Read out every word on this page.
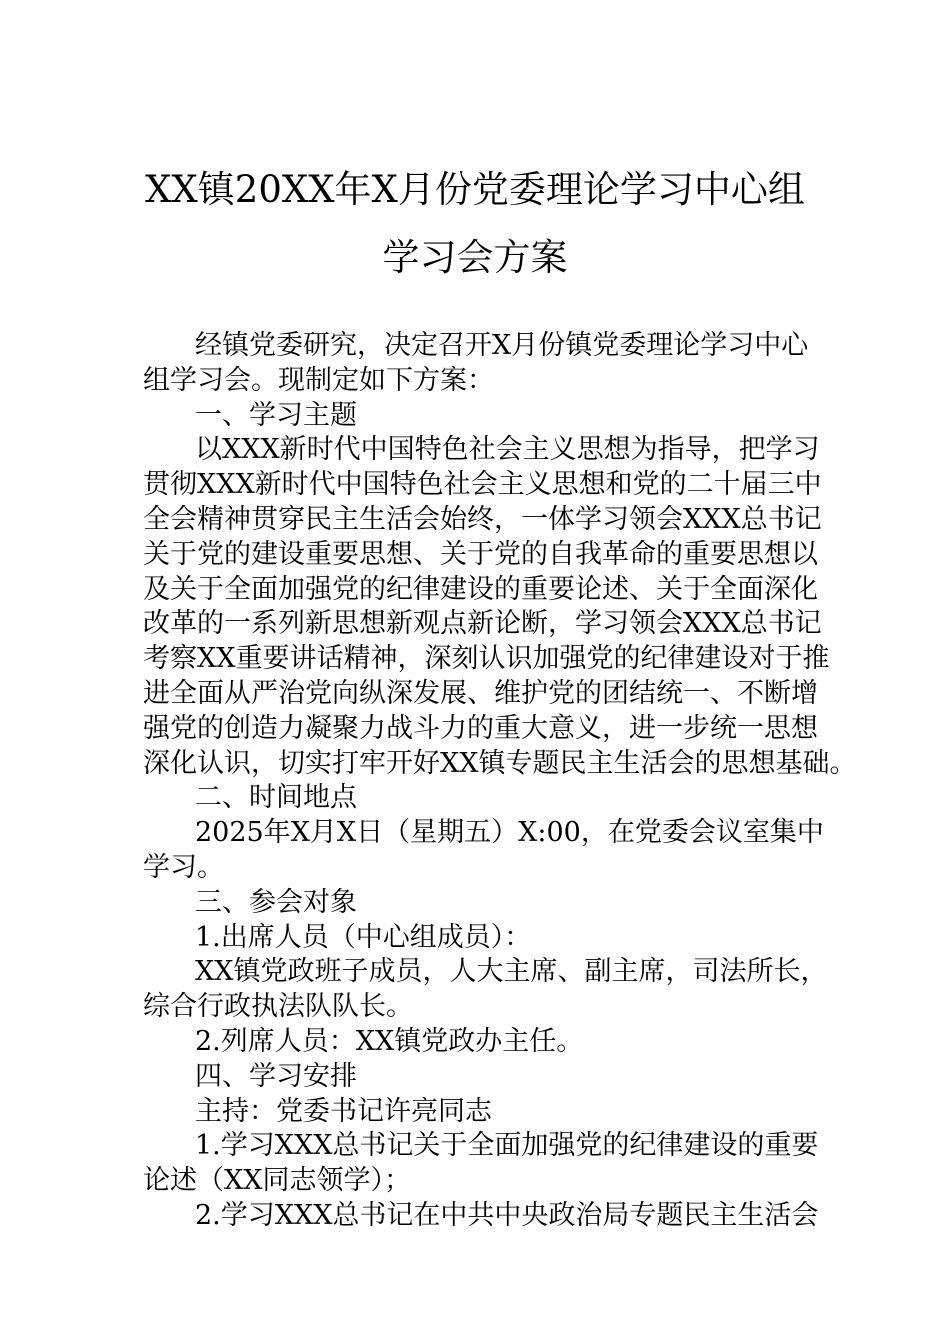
XX镇20XX年X月份党委理论学习中心组
学习会方案
经镇党委研究，决定召开X月份镇党委理论学习中心
组学习会。现制定如下方案：
一、学习主题
以XXX新时代中国特色社会主义思想为指导，把学习
贯彻XXX新时代中国特色社会主义思想和党的二十届三中
全会精神贯穿民主生活会始终，一体学习领会XXX总书记
关于党的建设重要思想、关于党的自我革命的重要思想以
及关于全面加强党的纪律建设的重要论述、关于全面深化
改革的一系列新思想新观点新论断，学习领会XXX总书记
考察XX重要讲话精神，深刻认识加强党的纪律建设对于推
进全面从严治党向纵深发展、维护党的团结统一、不断增
强党的创造力凝聚力战斗力的重大意义，进一步统一思想
深化认识，切实打牢开好XX镇专题民主生活会的思想基础。
二、时间地点
2025年X月X日（星期五）X:00，在党委会议室集中
学习。
三、参会对象
1.出席人员（中心组成员）：
XX镇党政班子成员，人大主席、副主席，司法所长，
综合行政执法队队长。
2.列席人员：XX镇党政办主任。
四、学习安排
主持：党委书记许亮同志
1.学习XXX总书记关于全面加强党的纪律建设的重要
论述（XX同志领学）；
2.学习XXX总书记在中共中央政治局专题民主生活会
